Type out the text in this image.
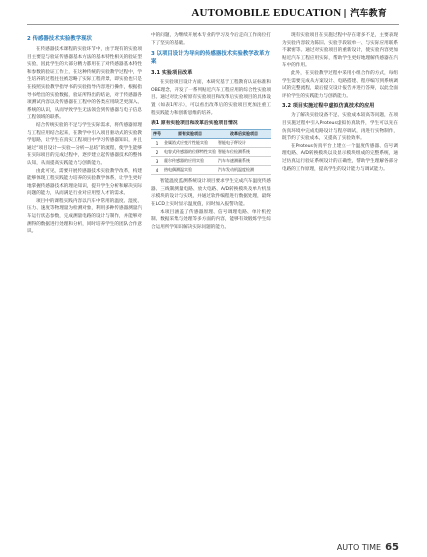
AUTOMOBILE EDUCATION | 汽车教育
2 传感器技术实验教学现状

在传感器技术课程的实验环节中，由于现有的实验项目主要是与验证传感器基本方法的基本特性相关的验证型实验，因此学生的大部分精力都用在了对传感器基本特性和参数的验证工作上，在这种传统的实验教学过程中，学生培养的过程往往被忽略了实际工程背景，即实验也只是在按照实验教学指导书的实验指导内容进行操作，根据指导书给出的实验数据，验证所得出的结论，对于传感器各项测试内容以及传感器在工程中的各类应用缺乏更深入、系统的认识，从而导致学生无法领会到传感器与电子信息工程领域的联系。

结合传统实验的不足与学生实际需求，将传感器原理与工程应用结合起来，在教学中引入项目驱动式的实验教学思路，让学生在真实工程项目中学习传感器知识，并且通过“项目设计—实验—分析—总结”的流程，使学生能够在实际项目的完成过程中，逐步建立起传感器技术的整体认知，从而提高实践能力与创新能力。

由此可见，需要开展传感器技术实验教学改革，构建能够体现工程实践能力培养的实验教学体系，让学生更好地掌握传感器技术的理论知识，提升学生分析和解决实际问题的能力，从而满足行业对应用型人才的需求。

项目中的课程实践内容以汽车中常用的温度、湿度、压力、速度等物理量为检测对象，利用多种传感器测量汽车运行状态参数，完成测量电路的设计与制作，并能够对测得的数据进行处理和分析，同时培养学生的团队合作意识。

中的问题，为继续开展本专业的学习及今后走向工作岗位打下了坚实的基础。

3 以项目设计为导向的传感器技术实验教学改革方案
3.1 实验项目改革

在实验项目设计方面，本研究基于工程教育认证标准和OBE理念，开发了一系列贴近汽车工程应用的综合性实验项目。通过对比分析原有实验项目和改革后实验项目的具体设置（如表1所示），可以看出改革后的实验项目更加注重工程实践能力和创新思维的培养。

表1 原有实验项目和改革后实验项目情况
序号	原有实验项目	改革后实验项目
1	金属箔式应变片性能实验	智能电子秤设计
2	电容式传感器的位移特性实验	智能车位检测系统
3	霍尔传感器的应用实验	汽车车速测量系统
4	热电偶测温实验	汽车发动机温度检测

智能温度监测系统设计项目要求学生完成汽车温度传感器、三线制测量电路、放大电路、A/D转换模块及单片机显示模块的设计与实现，并通过软件编程进行数据处理，最终在LCD上实时显示温度值，同时加入报警功能。

本项目涵盖了传感器原理、信号调理电路、单片机控制、数据采集与处理等多方面的内容，能够有效锻炼学生综合运用所学知识解决实际问题的能力。

现有实验项目在实施过程中存在诸多不足，主要表现为实验内容较为陈旧、实验手段较单一、与实际应用联系不紧密等。通过对实验项目的重新设计，使实验内容更加贴近汽车工程应用实际，帮助学生更好地理解传感器在汽车中的作用。

此外，在实验教学过程中采用小组合作的方式，每组学生需要完成从方案设计、电路搭建、程序编写到系统调试的完整流程，最后提交设计报告并进行答辩，以此全面评价学生的实践能力与创新能力。

3.2 项目实施过程中虚拟仿真技术的应用

为了解决实验设备不足、实验成本较高等问题，在项目实施过程中引入Proteus虚拟仿真软件，学生可以先在仿真环境中完成电路设计与程序调试，再进行实物制作，既节约了实验成本，又提高了实验效率。

在Proteus仿真平台上建立一个温度传感器、信号调理电路、A/D转换模块以及显示模块组成的完整系统，通过仿真运行验证系统设计的正确性，帮助学生理解各部分电路的工作原理，提高学生的设计能力与调试能力。

AUTO TIME 65
